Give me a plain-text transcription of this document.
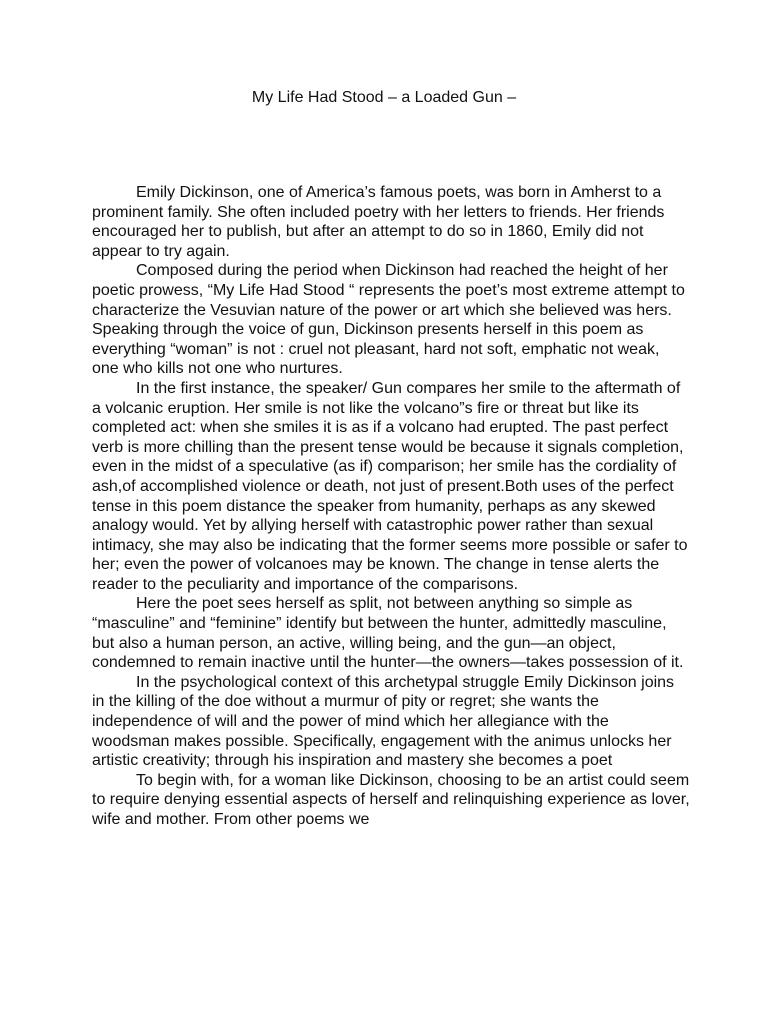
My Life Had Stood – a Loaded Gun –

Emily Dickinson, one of America’s famous poets, was born in Amherst to a prominent family. She often included poetry with her letters to friends. Her friends encouraged her to publish, but after an attempt to do so in 1860, Emily did not appear to try again.

Composed during the period when Dickinson had reached the height of her poetic prowess, “My Life Had Stood “ represents the poet’s most extreme attempt to characterize the Vesuvian nature of the power or art which she believed was hers. Speaking through the voice of gun, Dickinson presents herself in this poem as everything “woman” is not : cruel not pleasant, hard not soft, emphatic not weak, one who kills not one who nurtures.

In the first instance, the speaker/ Gun compares her smile to the aftermath of a volcanic eruption. Her smile is not like the volcano”s fire or threat but like its completed act: when she smiles it is as if a volcano had erupted. The past perfect verb is more chilling than the present tense would be because it signals completion, even in the midst of a speculative (as if) comparison; her smile has the cordiality of ash,of accomplished violence or death, not just of present.Both uses of the perfect tense in this poem distance the speaker from humanity, perhaps as any skewed analogy would. Yet by allying herself with catastrophic power rather than sexual intimacy, she may also be indicating that the former seems more possible or safer to her; even the power of volcanoes may be known. The change in tense alerts the reader to the peculiarity and importance of the comparisons.

Here the poet sees herself as split, not between anything so simple as “masculine” and “feminine” identify but between the hunter, admittedly masculine, but also a human person, an active, willing being, and the gun—an object, condemned to remain inactive until the hunter—the owners—takes possession of it.

In the psychological context of this archetypal struggle Emily Dickinson joins in the killing of the doe without a murmur of pity or regret; she wants the independence of will and the power of mind which her allegiance with the woodsman makes possible. Specifically, engagement with the animus unlocks her artistic creativity; through his inspiration and mastery she becomes a poet

To begin with, for a woman like Dickinson, choosing to be an artist could seem to require denying essential aspects of herself and relinquishing experience as lover, wife and mother. From other poems we
